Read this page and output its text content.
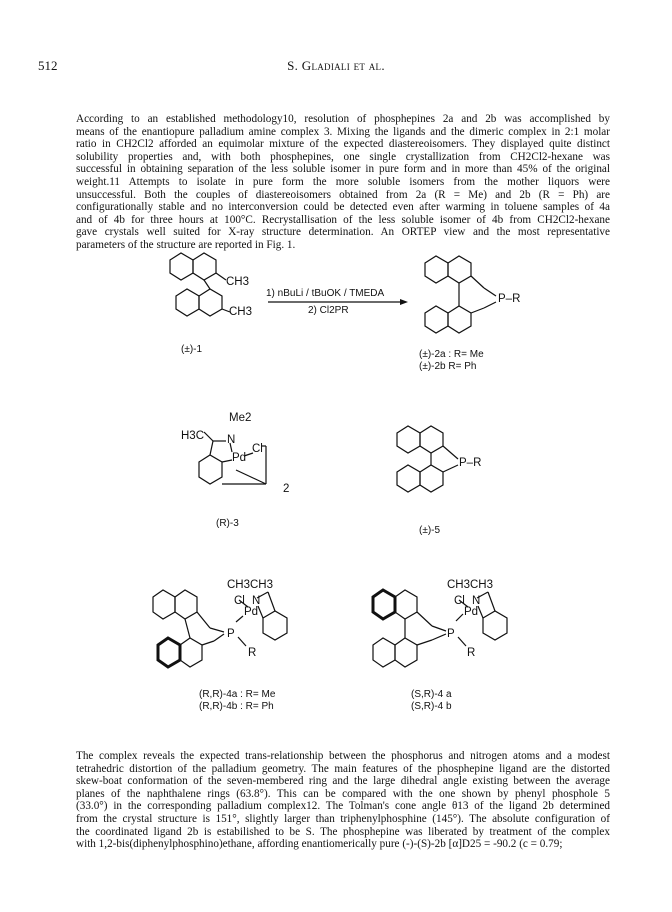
512	S. Gladiali et al.
According to an established methodology10, resolution of phosphepines 2a and 2b was accomplished by
means of the enantiopure palladium amine complex 3. Mixing the ligands and the dimeric complex in 2:1 molar
ratio in CH2Cl2 afforded an equimolar mixture of the expected diastereoisomers. They displayed quite distinct
solubility properties and, with both phosphepines, one single crystallization from CH2Cl2-hexane was
successful in obtaining separation of the less soluble isomer in pure form and in more than 45% of the original
weight.11 Attempts to isolate in pure form the more soluble isomers from the mother liquors were
unsuccessful. Both the couples of diastereoisomers obtained from 2a (R = Me) and 2b (R = Ph) are
configurationally stable and no interconversion could be detected even after warming in toluene samples of 4a
and of 4b for three hours at 100°C. Recrystallisation of the less soluble isomer of 4b from CH2Cl2-hexane
gave crystals well suited for X-ray structure determination. An ORTEP view and the most representative
parameters of the structure are reported in Fig. 1.
CH3
CH3
(±)-1
1) nBuLi / tBuOK / TMEDA
2) Cl2PR
P–R
(±)-2a : R= Me
(±)-2b R= Ph
H3C
Me2
N
Pd
Cl
2
(R)-3
P–R
(±)-5
CH3CH3
Cl N
Pd
P
R
(R,R)-4a : R= Me
(R,R)-4b : R= Ph
CH3CH3
Cl N
Pd
P
R
(S,R)-4 a
(S,R)-4 b
The complex reveals the expected trans-relationship between the phosphorus and nitrogen atoms and a modest
tetrahedric distortion of the palladium geometry. The main features of the phosphepine ligand are the distorted
skew-boat conformation of the seven-membered ring and the large dihedral angle existing between the average
planes of the naphthalene rings (63.8°). This can be compared with the one shown by phenyl phosphole 5
(33.0°) in the corresponding palladium complex12. The Tolman's cone angle θ13 of the ligand 2b determined
from the crystal structure is 151°, slightly larger than triphenylphosphine (145°). The absolute configuration of
the coordinated ligand 2b is estabilished to be S. The phosphepine was liberated by treatment of the complex
with 1,2-bis(diphenylphosphino)ethane, affording enantiomerically pure (-)-(S)-2b [α]D25 = -90.2 (c = 0.79;
